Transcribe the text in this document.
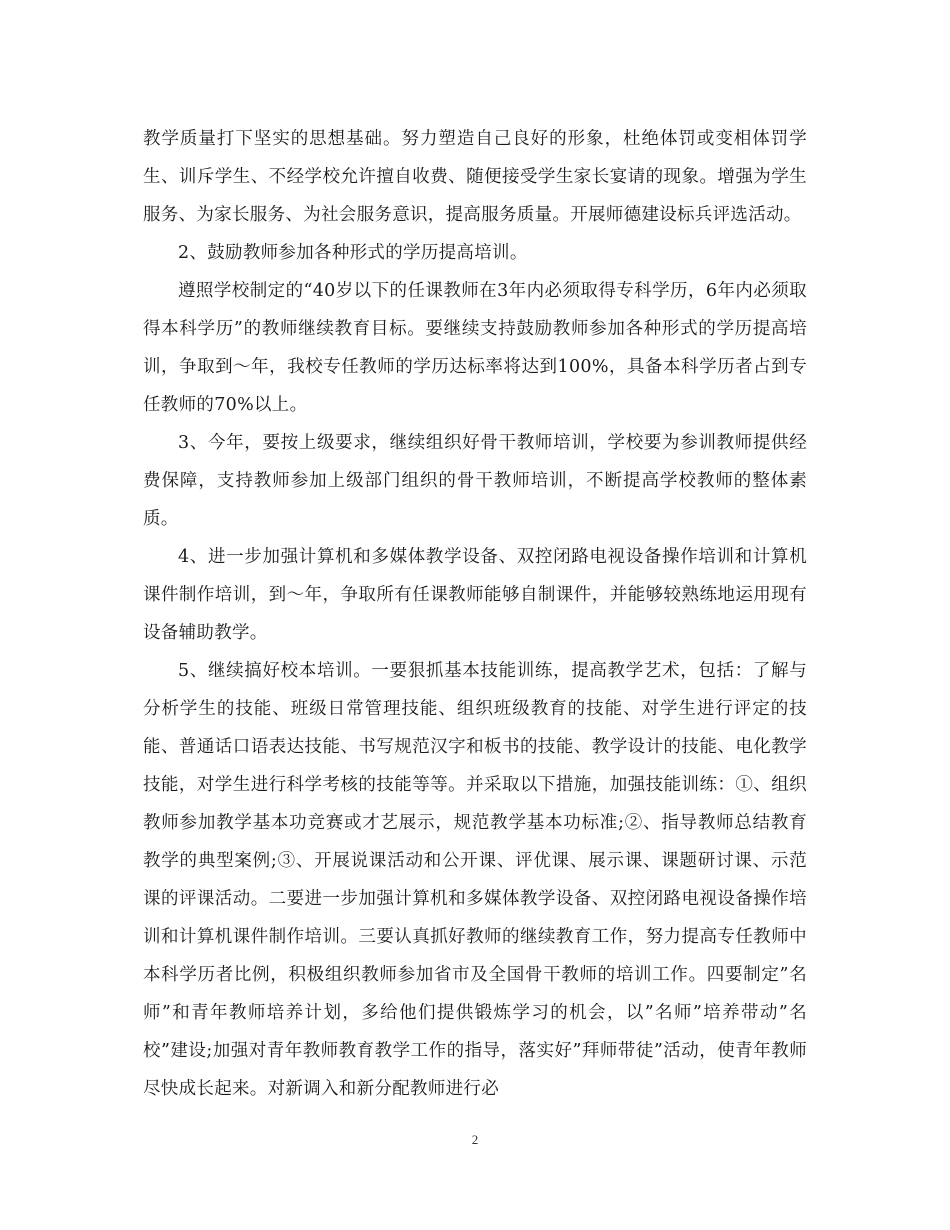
教学质量打下坚实的思想基础。努力塑造自己良好的形象，杜绝体罚或变相体罚学生、训斥学生、不经学校允许擅自收费、随便接受学生家长宴请的现象。增强为学生服务、为家长服务、为社会服务意识，提高服务质量。开展师德建设标兵评选活动。

2、鼓励教师参加各种形式的学历提高培训。

遵照学校制定的“40岁以下的任课教师在3年内必须取得专科学历，6年内必须取得本科学历”的教师继续教育目标。要继续支持鼓励教师参加各种形式的学历提高培训，争取到～年，我校专任教师的学历达标率将达到100%，具备本科学历者占到专任教师的70%以上。

3、今年，要按上级要求，继续组织好骨干教师培训，学校要为参训教师提供经费保障，支持教师参加上级部门组织的骨干教师培训，不断提高学校教师的整体素质。

4、进一步加强计算机和多媒体教学设备、双控闭路电视设备操作培训和计算机课件制作培训，到～年，争取所有任课教师能够自制课件，并能够较熟练地运用现有设备辅助教学。

5、继续搞好校本培训。一要狠抓基本技能训练，提高教学艺术，包括：了解与分析学生的技能、班级日常管理技能、组织班级教育的技能、对学生进行评定的技能、普通话口语表达技能、书写规范汉字和板书的技能、教学设计的技能、电化教学技能，对学生进行科学考核的技能等等。并采取以下措施，加强技能训练：①、组织教师参加教学基本功竞赛或才艺展示，规范教学基本功标准;②、指导教师总结教育教学的典型案例;③、开展说课活动和公开课、评优课、展示课、课题研讨课、示范课的评课活动。二要进一步加强计算机和多媒体教学设备、双控闭路电视设备操作培训和计算机课件制作培训。三要认真抓好教师的继续教育工作，努力提高专任教师中本科学历者比例，积极组织教师参加省市及全国骨干教师的培训工作。四要制定”名师”和青年教师培养计划，多给他们提供锻炼学习的机会，以”名师”培养带动”名校”建设;加强对青年教师教育教学工作的指导，落实好”拜师带徒”活动，使青年教师尽快成长起来。对新调入和新分配教师进行必

2
